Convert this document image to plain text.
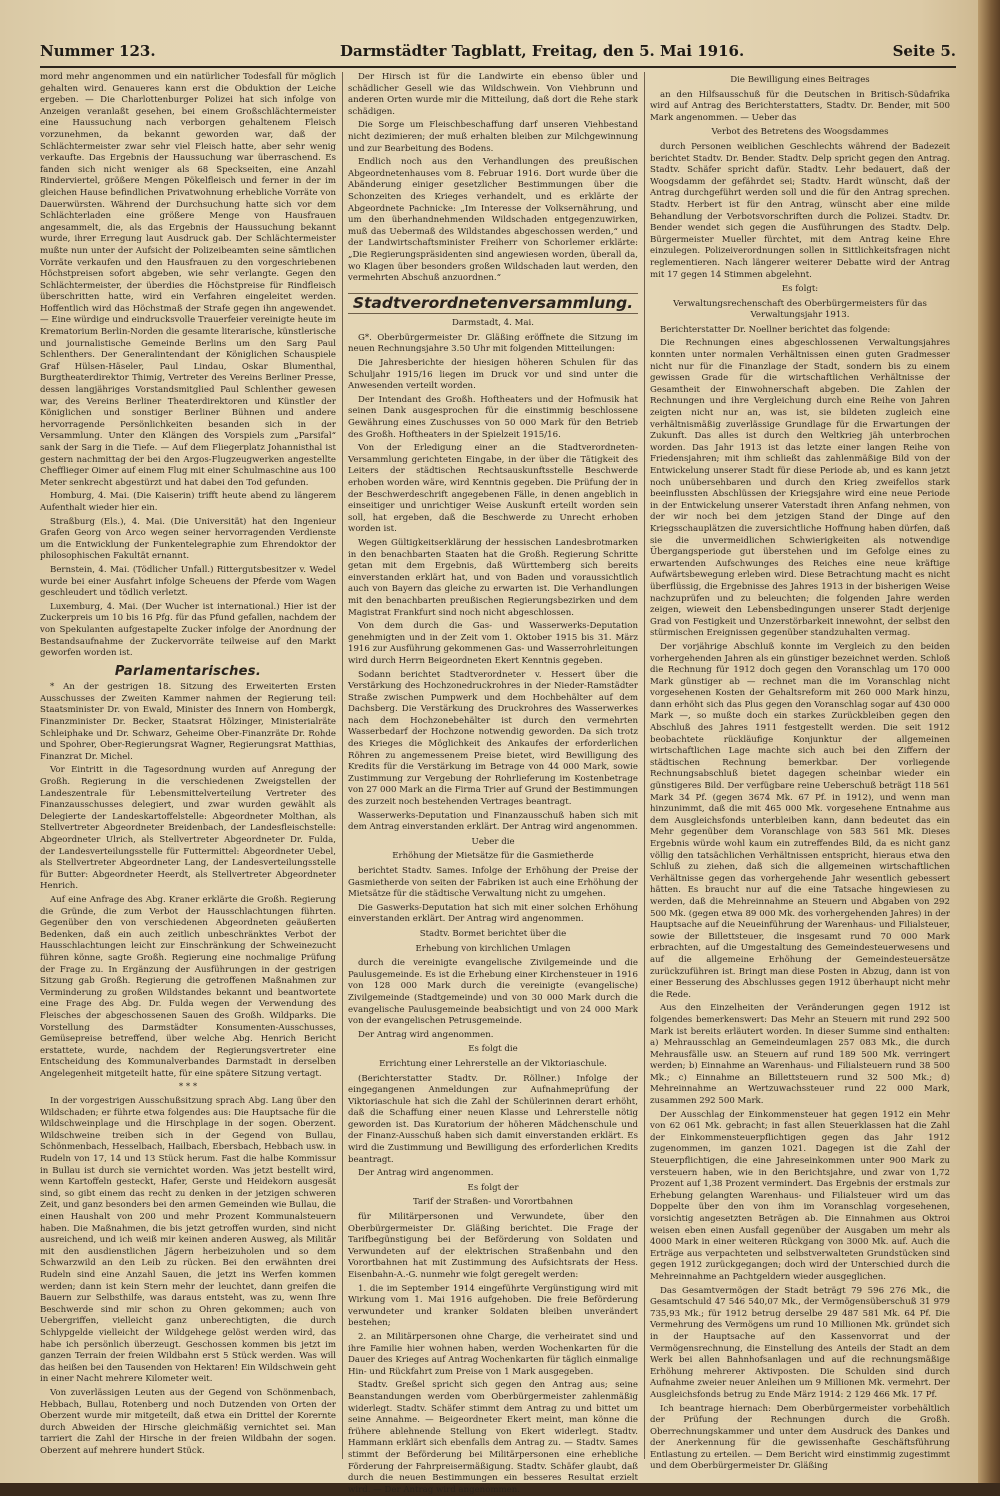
Nummer 123.	Darmstädter Tagblatt, Freitag, den 5. Mai 1916.	Seite 5.

mord mehr angenommen und ein natürlicher Todesfall für möglich gehalten wird. Genaueres kann erst die Obduktion der Leiche ergeben. — Die Charlottenburger Polizei hat sich infolge von Anzeigen veranlaßt gesehen, bei einem Großschlächtermeister eine Haussuchung nach verborgen gehaltenem Fleisch vorzunehmen, da bekannt geworden war, daß der Schlächtermeister zwar sehr viel Fleisch hatte, aber sehr wenig verkaufte. Das Ergebnis der Haussuchung war überraschend. Es fanden sich nicht weniger als 68 Speckseiten, eine Anzahl Rinderviertel, größere Mengen Pökelfleisch und ferner in der im gleichen Hause befindlichen Privatwohnung erhebliche Vorräte von Dauerwürsten. Während der Durchsuchung hatte sich vor dem Schlächterladen eine größere Menge von Hausfrauen angesammelt, die, als das Ergebnis der Haussuchung bekannt wurde, ihrer Erregung laut Ausdruck gab. Der Schlächtermeister mußte nun unter der Aufsicht der Polizeibeamten seine sämtlichen Vorräte verkaufen und den Hausfrauen zu den vorgeschriebenen Höchstpreisen sofort abgeben, wie sehr verlangte. Gegen den Schlächtermeister, der überdies die Höchstpreise für Rindfleisch überschritten hatte, wird ein Verfahren eingeleitet werden. Hoffentlich wird das Höchstmaß der Strafe gegen ihn angewendet. — Eine würdige und eindrucksvolle Trauerfeier vereinigte heute im Krematorium Berlin-Norden die gesamte literarische, künstlerische und journalistische Gemeinde Berlins um den Sarg Paul Schlenthers. Der Generalintendant der Königlichen Schauspiele Graf Hülsen-Häseler, Paul Lindau, Oskar Blumenthal, Burgtheaterdirektor Thimig, Vertreter des Vereins Berliner Presse, dessen langjähriges Vorstandsmitglied Paul Schlenther gewesen war, des Vereins Berliner Theaterdirektoren und Künstler der Königlichen und sonstiger Berliner Bühnen und andere hervorragende Persönlichkeiten besanden sich in der Versammlung. Unter den Klängen des Vorspiels zum „Parsifal“ sank der Sarg in die Tiefe. — Auf dem Fliegerplatz Johannisthal ist gestern nachmittag der bei den Argos-Flugzeugwerken angestellte Chefflieger Oimer auf einem Flug mit einer Schulmaschine aus 100 Meter senkrecht abgestürzt und hat dabei den Tod gefunden.

Homburg, 4. Mai. (Die Kaiserin) trifft heute abend zu längerem Aufenthalt wieder hier ein.

Straßburg (Els.), 4. Mai. (Die Universität) hat den Ingenieur Grafen Georg von Arco wegen seiner hervorragenden Verdienste um die Entwicklung der Funkentelegraphie zum Ehrendoktor der philosophischen Fakultät ernannt.

Bernstein, 4. Mai. (Tödlicher Unfall.) Rittergutsbesitzer v. Wedel wurde bei einer Ausfahrt infolge Scheuens der Pferde vom Wagen geschleudert und tödlich verletzt.

Luxemburg, 4. Mai. (Der Wucher ist international.) Hier ist der Zuckerpreis um 10 bis 16 Pfg. für das Pfund gefallen, nachdem der von Spekulanten aufgestapelte Zucker infolge der Anordnung der Bestandsaufnahme der Zuckervorräte teilweise auf den Markt geworfen worden ist.

Parlamentarisches.

* An der gestrigen 18. Sitzung des Erweiterten Ersten Ausschusses der Zweiten Kammer nahmen der Regierung teil: Staatsminister Dr. von Ewald, Minister des Innern von Hombergk, Finanzminister Dr. Becker, Staatsrat Hölzinger, Ministerialräte Schleiphake und Dr. Schwarz, Geheime Ober-Finanzräte Dr. Rohde und Spohrer, Ober-Regierungsrat Wagner, Regierungsrat Matthias, Finanzrat Dr. Michel.

Vor Eintritt in die Tagesordnung wurden auf Anregung der Großh. Regierung in die verschiedenen Zweigstellen der Landeszentrale für Lebensmittelverteilung Vertreter des Finanzausschusses delegiert, und zwar wurden gewählt als Delegierte der Landeskartoffelstelle: Abgeordneter Molthan, als Stellvertreter Abgeordneter Breidenbach, der Landesfleischstelle: Abgeordneter Ulrich, als Stellvertreter Abgeordneter Dr. Fulda, der Landesverteilungsstelle für Futtermittel: Abgeordneter Uebel, als Stellvertreter Abgeordneter Lang, der Landesverteilungsstelle für Butter: Abgeordneter Heerdt, als Stellvertreter Abgeordneter Henrich.

Auf eine Anfrage des Abg. Kraner erklärte die Großh. Regierung die Gründe, die zum Verbot der Hausschlachtungen führten. Gegenüber den von verschiedenen Abgeordneten geäußerten Bedenken, daß ein auch zeitlich unbeschränktes Verbot der Hausschlachtungen leicht zur Einschränkung der Schweinezucht führen könne, sagte Großh. Regierung eine nochmalige Prüfung der Frage zu. In Ergänzung der Ausführungen in der gestrigen Sitzung gab Großh. Regierung die getroffenen Maßnahmen zur Verminderung zu großen Wildstandes bekannt und beantwortete eine Frage des Abg. Dr. Fulda wegen der Verwendung des Fleisches der abgeschossenen Sauen des Großh. Wildparks. Die Vorstellung des Darmstädter Konsumenten-Ausschusses, Gemüsepreise betreffend, über welche Abg. Henrich Bericht erstattete, wurde, nachdem der Regierungsvertreter eine Entscheidung des Kommunalverbandes Darmstadt in derselben Angelegenheit mitgeteilt hatte, für eine spätere Sitzung vertagt.

* * *

In der vorgestrigen Ausschußsitzung sprach Abg. Lang über den Wildschaden; er führte etwa folgendes aus: Die Hauptsache für die Wildschweinplage und die Hirschplage in der sogen. Oberzent. Wildschweine treiben sich in der Gegend von Bullau, Schönmenbach, Hesselbach, Hailbach, Ebersbach, Hebbach usw. in Rudeln von 17, 14 und 13 Stück herum. Fast die halbe Kommissur in Bullau ist durch sie vernichtet worden. Was jetzt bestellt wird, wenn Kartoffeln gesteckt, Hafer, Gerste und Heidekorn ausgesät sind, so gibt einem das recht zu denken in der jetzigen schweren Zeit, und ganz besonders bei den armen Gemeinden wie Bullau, die einen Haushalt von 200 und mehr Prozent Kommunalsteuern haben. Die Maßnahmen, die bis jetzt getroffen wurden, sind nicht ausreichend, und ich weiß mir keinen anderen Ausweg, als Militär mit den ausdienstlichen Jägern herbeizuholen und so dem Schwarzwild an den Leib zu rücken. Bei den erwähnten drei Rudeln sind eine Anzahl Sauen, die jetzt ins Werfen kommen werden; dann ist kein Stern mehr der leuchtet, dann greifen die Bauern zur Selbsthilfe, was daraus entsteht, was zu, wenn Ihre Beschwerde sind mir schon zu Ohren gekommen; auch von Uebergriffen, vielleicht ganz unberechtigten, die durch Schlypgelde vielleicht der Wildgehege gelöst werden wird, das habe ich persönlich überzeugt. Geschossen kommen bis jetzt im ganzen Terrain der freien Wildbahn erst 5 Stück werden. Was will das heißen bei den Tausenden von Hektaren! Ein Wildschwein geht in einer Nacht mehrere Kilometer weit.

Von zuverlässigen Leuten aus der Gegend von Schönmenbach, Hebbach, Bullau, Rotenberg und noch Dutzenden von Orten der Oberzent wurde mir mitgeteilt, daß etwa ein Drittel der Korernte durch Abweiden der Hirsche gleichmäßig vernichtet sei. Man tarriert die Zahl der Hirsche in der freien Wildbahn der sogen. Oberzent auf mehrere hundert Stück.

Der Hirsch ist für die Landwirte ein ebenso übler und schädlicher Gesell wie das Wildschwein. Von Viehbrunn und anderen Orten wurde mir die Mitteilung, daß dort die Rehe stark schädigen.

Die Sorge um Fleischbeschaffung darf unseren Viehbestand nicht dezimieren; der muß erhalten bleiben zur Milchgewinnung und zur Bearbeitung des Bodens.

Endlich noch aus den Verhandlungen des preußischen Abgeordnetenhauses vom 8. Februar 1916. Dort wurde über die Abänderung einiger gesetzlicher Bestimmungen über die Schonzeiten des Krieges verhandelt, und es erklärte der Abgeordnete Pachnicke: „Im Interesse der Volksernährung, und um den überhandnehmenden Wildschaden entgegenzuwirken, muß das Uebermaß des Wildstandes abgeschossen werden,“ und der Landwirtschaftsminister Freiherr von Schorlemer erklärte: „Die Regierungspräsidenten sind angewiesen worden, überall da, wo Klagen über besonders großen Wildschaden laut werden, den vermehrten Abschuß anzuordnen.“

Stadtverordnetenversammlung.
Darmstadt, 4. Mai.

G*. Oberbürgermeister Dr. Gläßing eröffnete die Sitzung im neuen Rechnungsjahre 3.50 Uhr mit folgenden Mitteilungen:

Die Jahresberichte der hiesigen höheren Schulen für das Schuljahr 1915/16 liegen im Druck vor und sind unter die Anwesenden verteilt worden.

Der Intendant des Großh. Hoftheaters und der Hofmusik hat seinen Dank ausgesprochen für die einstimmig beschlossene Gewährung eines Zuschusses von 50 000 Mark für den Betrieb des Großh. Hoftheaters in der Spielzeit 1915/16.

Von der Erledigung einer an die Stadtverordneten-Versammlung gerichteten Eingabe, in der über die Tätigkeit des Leiters der städtischen Rechtsauskunftsstelle Beschwerde erhoben worden wäre, wird Kenntnis gegeben. Die Prüfung der in der Beschwerdeschrift angegebenen Fälle, in denen angeblich in einseitiger und unrichtiger Weise Auskunft erteilt worden sein soll, hat ergeben, daß die Beschwerde zu Unrecht erhoben worden ist.

Wegen Gültigkeitserklärung der hessischen Landesbrotmarken in den benachbarten Staaten hat die Großh. Regierung Schritte getan mit dem Ergebnis, daß Württemberg sich bereits einverstanden erklärt hat, und von Baden und voraussichtlich auch von Bayern das gleiche zu erwarten ist. Die Verhandlungen mit den benachbarten preußischen Regierungsbezirken und dem Magistrat Frankfurt sind noch nicht abgeschlossen.

Von dem durch die Gas- und Wasserwerks-Deputation genehmigten und in der Zeit vom 1. Oktober 1915 bis 31. März 1916 zur Ausführung gekommenen Gas- und Wasserrohrleitungen wird durch Herrn Beigeordneten Ekert Kenntnis gegeben.

Sodann berichtet Stadtverordneter v. Hessert über die Verstärkung des Hochzonedruckrohres in der Nieder-Ramstädter Straße zwischen Pumpwerk und dem Hochbehälter auf dem Dachsberg. Die Verstärkung des Druckrohres des Wasserwerkes nach dem Hochzonebehälter ist durch den vermehrten Wasserbedarf der Hochzone notwendig geworden. Da sich trotz des Krieges die Möglichkeit des Ankaufes der erforderlichen Röhren zu angemessenem Preise bietet, wird Bewilligung des Kredits für die Verstärkung im Betrage von 44 000 Mark, sowie Zustimmung zur Vergebung der Rohrlieferung im Kostenbetrage von 27 000 Mark an die Firma Trier auf Grund der Bestimmungen des zurzeit noch bestehenden Vertrages beantragt.

Wasserwerks-Deputation und Finanzausschuß haben sich mit dem Antrag einverstanden erklärt. Der Antrag wird angenommen.

Ueber die
Erhöhung der Mietsätze für die Gasmietherde

berichtet Stadtv. Sames. Infolge der Erhöhung der Preise der Gasmietherde von seiten der Fabriken ist auch eine Erhöhung der Mietsätze für die städtische Verwaltung nicht zu umgehen.

Die Gaswerks-Deputation hat sich mit einer solchen Erhöhung einverstanden erklärt. Der Antrag wird angenommen.

Stadtv. Bormet berichtet über die
Erhebung von kirchlichen Umlagen

durch die vereinigte evangelische Zivilgemeinde und die Paulusgemeinde. Es ist die Erhebung einer Kirchensteuer in 1916 von 128 000 Mark durch die vereinigte (evangelische) Zivilgemeinde (Stadtgemeinde) und von 30 000 Mark durch die evangelische Paulusgemeinde beabsichtigt und von 24 000 Mark von der evangelischen Petrusgemeinde.

Der Antrag wird angenommen.

Es folgt die
Errichtung einer Lehrerstelle an der Viktoriaschule.

(Berichterstatter Stadtv. Dr. Röllner.) Infolge der eingegangenen Anmeldungen zur Aufnahmeprüfung der Viktoriaschule hat sich die Zahl der Schülerinnen derart erhöht, daß die Schaffung einer neuen Klasse und Lehrerstelle nötig geworden ist. Das Kuratorium der höheren Mädchenschule und der Finanz-Ausschuß haben sich damit einverstanden erklärt. Es wird die Zustimmung und Bewilligung des erforderlichen Kredits beantragt.

Der Antrag wird angenommen.

Es folgt der
Tarif der Straßen- und Vorortbahnen

für Militärpersonen und Verwundete, über den Oberbürgermeister Dr. Gläßing berichtet. Die Frage der Tarifbegünstigung bei der Beförderung von Soldaten und Verwundeten auf der elektrischen Straßenbahn und den Vorortbahnen hat mit Zustimmung des Aufsichtsrats der Hess. Eisenbahn-A.-G. nunmehr wie folgt geregelt werden:

1. die im September 1914 eingeführte Vergünstigung wird mit Wirkung vom 1. Mai 1916 aufgehoben. Die freie Beförderung verwundeter und kranker Soldaten bleiben unverändert bestehen;

2. an Militärpersonen ohne Charge, die verheiratet sind und ihre Familie hier wohnen haben, werden Wochenkarten für die Dauer des Krieges auf Antrag Wochenkarten für täglich einmalige Hin- und Rückfahrt zum Preise von 1 Mark ausgegeben.

Stadtv. Greßel spricht sich gegen den Antrag aus; seine Beanstandungen werden vom Oberbürgermeister zahlenmäßig widerlegt. Stadtv. Schäfer stimmt dem Antrag zu und bittet um seine Annahme. — Beigeordneter Ekert meint, man könne die frühere ablehnende Stellung von Ekert widerlegt. Stadtv. Hammann erklärt sich ebenfalls dem Antrag zu. — Stadtv. Sames stimmt der Beförderung bei Militärpersonen eine erhebliche Förderung der Fahrpreisermäßigung. Stadtv. Schäfer glaubt, daß durch die neuen Bestimmungen ein besseres Resultat erzielt wird. — Der Antrag wird angenommen.

Die Bewilligung eines Beitrages

an den Hilfsausschuß für die Deutschen in Britisch-Südafrika wird auf Antrag des Berichterstatters, Stadtv. Dr. Bender, mit 500 Mark angenommen. — Ueber das

Verbot des Betretens des Woogsdammes

durch Personen weiblichen Geschlechts während der Badezeit berichtet Stadtv. Dr. Bender. Stadtv. Delp spricht gegen den Antrag. Stadtv. Schäfer spricht dafür. Stadtv. Lehr bedauert, daß der Woogsdamm der gefährdet sei; Stadtv. Hardt wünscht, daß der Antrag durchgeführt werden soll und die für den Antrag sprechen. Stadtv. Herbert ist für den Antrag, wünscht aber eine milde Behandlung der Verbotsvorschriften durch die Polizei. Stadtv. Dr. Bender wendet sich gegen die Ausführungen des Stadtv. Delp. Bürgermeister Mueller fürchtet, mit dem Antrag keine Ehre einzulegen. Polizeiverordnungen sollen in Sittlichkeitsfragen nicht reglementieren. Nach längerer weiterer Debatte wird der Antrag mit 17 gegen 14 Stimmen abgelehnt.

Es folgt:
Verwaltungsrechenschaft des Oberbürgermeisters für das Verwaltungsjahr 1913.

Berichterstatter Dr. Noellner berichtet das folgende:

Die Rechnungen eines abgeschlossenen Verwaltungsjahres konnten unter normalen Verhältnissen einen guten Gradmesser nicht nur für die Finanzlage der Stadt, sondern bis zu einem gewissen Grade für die wirtschaftlichen Verhältnisse der Gesamtheit der Einwohnerschaft abgeben. Die Zahlen der Rechnungen und ihre Vergleichung durch eine Reihe von Jahren zeigten nicht nur an, was ist, sie bildeten zugleich eine verhältnismäßig zuverlässige Grundlage für die Erwartungen der Zukunft. Das alles ist durch den Weltkrieg jäh unterbrochen worden. Das Jahr 1913 ist das letzte einer langen Reihe von Friedensjahren; mit ihm schließt das zahlenmäßige Bild von der Entwickelung unserer Stadt für diese Periode ab, und es kann jetzt noch unübersehbaren und durch den Krieg zweifellos stark beeinflussten Abschlüssen der Kriegsjahre wird eine neue Periode in der Entwickelung unserer Vaterstadt ihren Anfang nehmen, von der wir noch bei dem jetzigen Stand der Dinge auf den Kriegsschauplätzen die zuversichtliche Hoffnung haben dürfen, daß sie die unvermeidlichen Schwierigkeiten als notwendige Übergangsperiode gut überstehen und im Gefolge eines zu erwartenden Aufschwunges des Reiches eine neue kräftige Aufwärtsbewegung erleben wird. Diese Betrachtung macht es nicht überflüssig, die Ergebnisse des Jahres 1913 in der bisherigen Weise nachzuprüfen und zu beleuchten; die folgenden Jahre werden zeigen, wieweit den Lebensbedingungen unserer Stadt derjenige Grad von Festigkeit und Unzerstörbarkeit innewohnt, der selbst den stürmischen Ereignissen gegenüber standzuhalten vermag.

Der vorjährige Abschluß konnte im Vergleich zu den beiden vorhergehenden Jahren als ein günstiger bezeichnet werden. Schloß die Rechnung für 1912 doch gegen den Voranschlag um 170 000 Mark günstiger ab — rechnet man die im Voranschlag nicht vorgesehenen Kosten der Gehaltsreform mit 260 000 Mark hinzu, dann erhöht sich das Plus gegen den Voranschlag sogar auf 430 000 Mark —, so mußte doch ein starkes Zurückbleiben gegen den Abschluß des Jahres 1911 festgestellt werden. Die seit 1912 beobachtete rückläufige Konjunktur der allgemeinen wirtschaftlichen Lage machte sich auch bei den Ziffern der städtischen Rechnung bemerkbar. Der vorliegende Rechnungsabschluß bietet dagegen scheinbar wieder ein günstigeres Bild. Der verfügbare reine Ueberschuß beträgt 118 561 Mark 34 Pf. (gegen 3674 Mk. 67 Pf. in 1912), und wenn man hinzunimmt, daß die mit 465 000 Mk. vorgesehene Entnahme aus dem Ausgleichsfonds unterbleiben kann, dann bedeutet das ein Mehr gegenüber dem Voranschlage von 583 561 Mk. Dieses Ergebnis würde wohl kaum ein zutreffendes Bild, da es nicht ganz völlig den tatsächlichen Verhältnissen entspricht, hieraus etwa den Schluß zu ziehen, daß sich die allgemeinen wirtschaftlichen Verhältnisse gegen das vorhergehende Jahr wesentlich gebessert hätten. Es braucht nur auf die eine Tatsache hingewiesen zu werden, daß die Mehreinnahme an Steuern und Abgaben von 292 500 Mk. (gegen etwa 89 000 Mk. des vorhergehenden Jahres) in der Hauptsache auf die Neueinführung der Warenhaus- und Filialsteuer, sowie der Billettsteuer, die insgesamt rund 70 000 Mark erbrachten, auf die Umgestaltung des Gemeindesteuerwesens und auf die allgemeine Erhöhung der Gemeindesteuersätze zurückzuführen ist. Bringt man diese Posten in Abzug, dann ist von einer Besserung des Abschlusses gegen 1912 überhaupt nicht mehr die Rede.

Aus den Einzelheiten der Veränderungen gegen 1912 ist folgendes bemerkenswert: Das Mehr an Steuern mit rund 292 500 Mark ist bereits erläutert worden. In dieser Summe sind enthalten: a) Mehrausschlag an Gemeindeumlagen 257 083 Mk., die durch Mehrausfälle usw. an Steuern auf rund 189 500 Mk. verringert werden; b) Einnahme an Warenhaus- und Filialsteuern rund 38 500 Mk.; c) Einnahme an Billettsteuern rund 32 500 Mk.; d) Mehreinnahme an Wertzuwachssteuer rund 22 000 Mark, zusammen 292 500 Mark.

Der Ausschlag der Einkommensteuer hat gegen 1912 ein Mehr von 62 061 Mk. gebracht; in fast allen Steuerklassen hat die Zahl der Einkommensteuerpflichtigen gegen das Jahr 1912 zugenommen, im ganzen 1021. Dagegen ist die Zahl der Steuerpflichtigen, die eine Jahreseinkommen unter 900 Mark zu versteuern haben, wie in den Berichtsjahre, und zwar von 1,72 Prozent auf 1,38 Prozent vermindert. Das Ergebnis der erstmals zur Erhebung gelangten Warenhaus- und Filialsteuer wird um das Doppelte über den von ihm im Voranschlag vorgesehenen, vorsichtig angesetzten Beträgen ab. Die Einnahmen aus Oktroi weisen eben einen Ausfall gegenüber der Ausgaben um mehr als 4000 Mark in einer weiteren Rückgang von 3000 Mk. auf. Auch die Erträge aus verpachteten und selbstverwalteten Grundstücken sind gegen 1912 zurückgegangen; doch wird der Unterschied durch die Mehreinnahme an Pachtgeldern wieder ausgeglichen.

Das Gesamtvermögen der Stadt beträgt 79 596 276 Mk., die Gesamtschuld 47 546 540,07 Mk., der Vermögensüberschuß 31 979 735,93 Mk.; für 1912 betrug derselbe 29 487 581 Mk. 64 Pf. Die Vermehrung des Vermögens um rund 10 Millionen Mk. gründet sich in der Hauptsache auf den Kassenvorrat und der Vermögensrechnung, die Einstellung des Anteils der Stadt an dem Werk bei allen Bahnhofsanlagen und auf die rechnungsmäßige Erhöhung mehrerer Aktivposten. Die Schulden sind durch Aufnahme zweier neuer Anleihen um 9 Millionen Mk. vermehrt. Der Ausgleichsfonds betrug zu Ende März 1914: 2 129 466 Mk. 17 Pf.

Ich beantrage hiernach: Dem Oberbürgermeister vorbehältlich der Prüfung der Rechnungen durch die Großh. Oberrechnungskammer und unter dem Ausdruck des Dankes und der Anerkennung für die gewissenhafte Geschäftsführung Entlastung zu erteilen. — Dem Bericht wird einstimmig zugestimmt und dem Oberbürgermeister Dr. Gläßing
